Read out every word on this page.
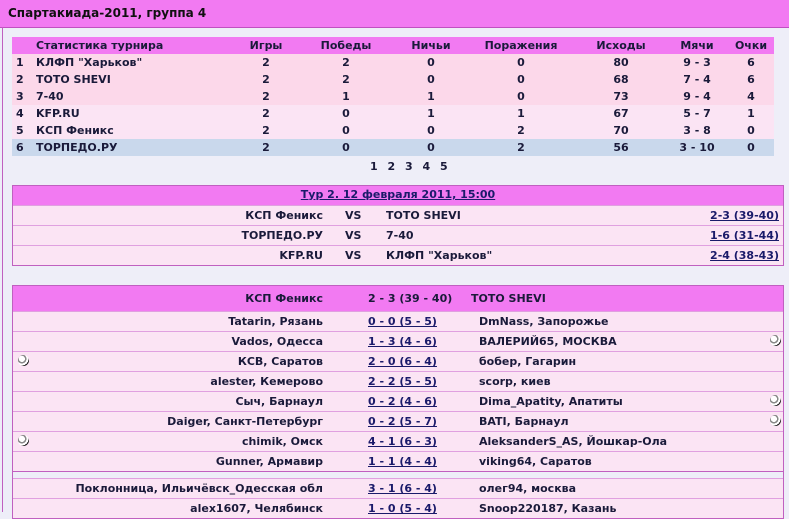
Спартакиада-2011, группа 4
	Статистика турнира	Игры	Победы	Ничьи	Поражения	Исходы	Мячи	Очки
1	КЛФП "Харьков"	2	2	0	0	80	9 - 3	6
2	TOTO SHEVI	2	2	0	0	68	7 - 4	6
3	7-40	2	1	1	0	73	9 - 4	4
4	KFP.RU	2	0	1	1	67	5 - 7	1
5	КСП Феникс	2	0	0	2	70	3 - 8	0
6	ТОРПЕДО.РУ	2	0	0	2	56	3 - 10	0
1 2 3 4 5
Тур 2. 12 февраля 2011, 15:00
КСП Феникс VS TOTO SHEVI	2-3 (39-40)
ТОРПЕДО.РУ VS 7-40	1-6 (31-44)
KFP.RU VS КЛФП "Харьков"	2-4 (38-43)
КСП Феникс	2 - 3 (39 - 40) TOTO SHEVI
Tatarin, Рязань	0 - 0 (5 - 5)	DmNass, Запорожье
Vados, Одесса	1 - 3 (4 - 6)	ВАЛЕРИЙ65, МОСКВА
КСВ, Саратов	2 - 0 (6 - 4)	бобер, Гагарин
alester, Кемерово	2 - 2 (5 - 5)	scorp, киев
Сыч, Барнаул	0 - 2 (4 - 6)	Dima_Apatity, Апатиты
Daiger, Санкт-Петербург	0 - 2 (5 - 7)	BATI, Барнаул
chimik, Омск	4 - 1 (6 - 3)	AleksanderS_AS, Йошкар-Ола
Gunner, Армавир	1 - 1 (4 - 4)	viking64, Саратов
Поклонница, Ильичёвск_Одесская обл	3 - 1 (6 - 4)	олег94, москва
alex1607, Челябинск	1 - 0 (5 - 4)	Snoop220187, Казань
